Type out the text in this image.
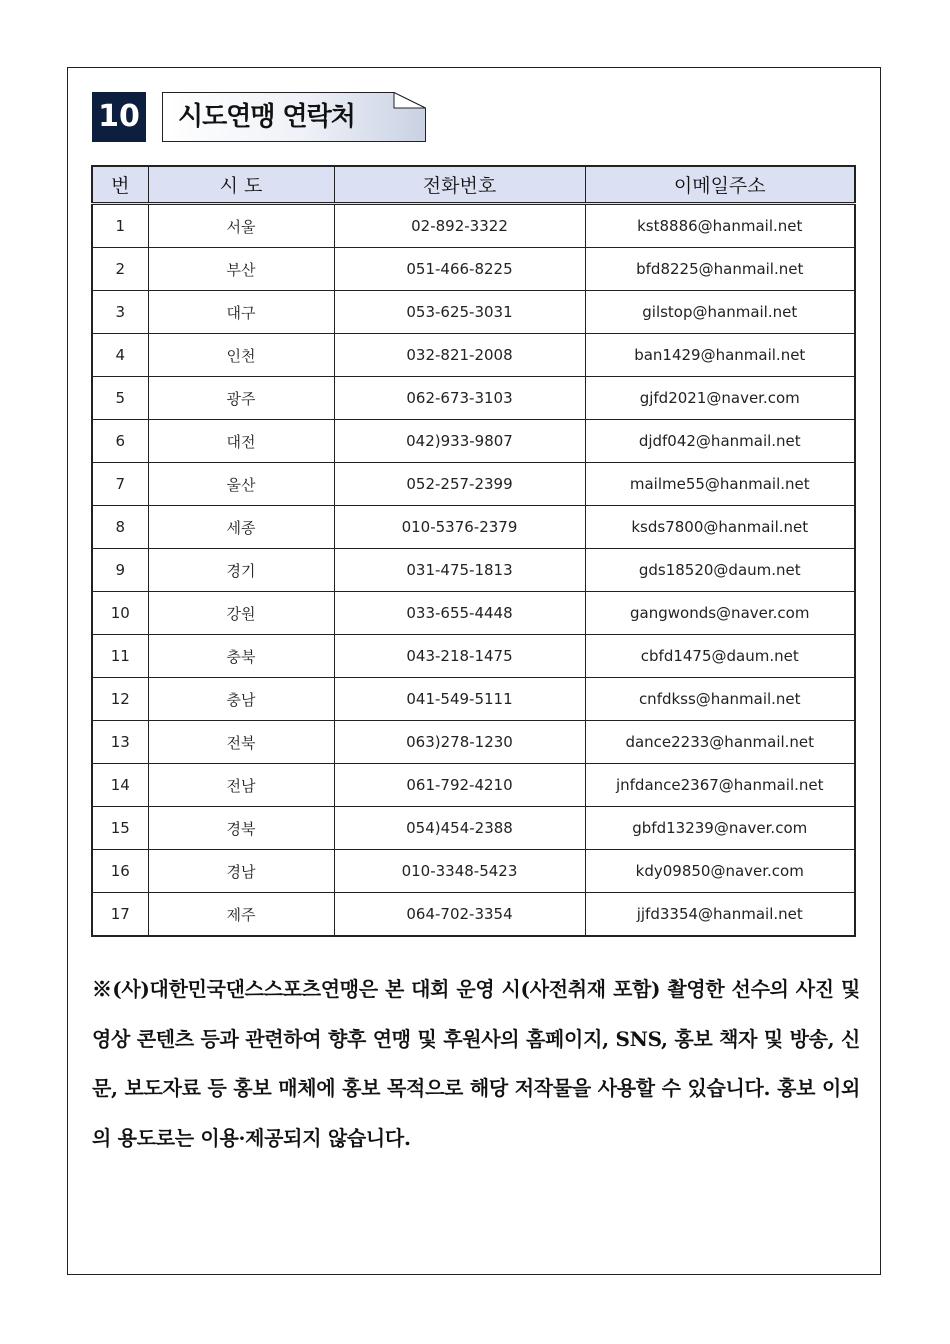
10 시도연맹 연락처
번	시 도	전화번호	이메일주소
1	서울	02-892-3322	kst8886@hanmail.net
2	부산	051-466-8225	bfd8225@hanmail.net
3	대구	053-625-3031	gilstop@hanmail.net
4	인천	032-821-2008	ban1429@hanmail.net
5	광주	062-673-3103	gjfd2021@naver.com
6	대전	042)933-9807	djdf042@hanmail.net
7	울산	052-257-2399	mailme55@hanmail.net
8	세종	010-5376-2379	ksds7800@hanmail.net
9	경기	031-475-1813	gds18520@daum.net
10	강원	033-655-4448	gangwonds@naver.com
11	충북	043-218-1475	cbfd1475@daum.net
12	충남	041-549-5111	cnfdkss@hanmail.net
13	전북	063)278-1230	dance2233@hanmail.net
14	전남	061-792-4210	jnfdance2367@hanmail.net
15	경북	054)454-2388	gbfd13239@naver.com
16	경남	010-3348-5423	kdy09850@naver.com
17	제주	064-702-3354	jjfd3354@hanmail.net
※(사)대한민국댄스스포츠연맹은 본 대회 운영 시(사전취재 포함) 촬영한 선수의 사진 및 영상 콘텐츠 등과 관련하여 향후 연맹 및 후원사의 홈페이지, SNS, 홍보 책자 및 방송, 신문, 보도자료 등 홍보 매체에 홍보 목적으로 해당 저작물을 사용할 수 있습니다. 홍보 이외의 용도로는 이용·제공되지 않습니다.
